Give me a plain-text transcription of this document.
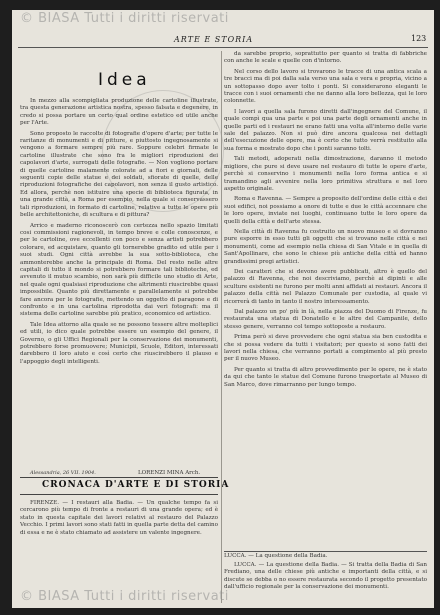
© BIASA Tutti i diritti riservati
ARTE E STORIA	123
Idea

In mezzo alla scompigliata produzione delle cartoline illustrate, tra questa generazione artistica nostra, spesso falsata e degenere, in credo si possa portare un certo qual ordine estetico ed utile anche per l'Arte.

Sono proposto le raccolte di fotografie d'opere d'arte; per tutte le raritanze di monumenti e di pitture, e piuttosto ingegnosamente si vengono a formare sempre più rare. Soppure celebri firmate le cartoline illustrate che sono fra le migliori riproduzioni dei capolavori d'arte, surrogati delle fotografie. — Non vogliono portare di quelle cartoline malamente colorate ad a fiori e giornali, delle seguenti copie delle statue e dei soldati, sfiorate di quelle, delle riproduzioni fotografiche dei capolavori, non senza il gusto artistico. Ed allora, perchè non istituire una specie di biblioteca figurata, in una grande città, a Roma per esempio, nella quale si conservassero tali riproduzioni, in formato di cartoline, relative a tutte le opere più belle architettoniche, di scultura e di pittura?

Arrico e maderno riconoscerò con certezza nello spazio limitati cosi commissioni ragionevoli, in tempo breve e colle conoscenze, e per le cartoline, ove eccellenti con poco e senza artisti potrebbero colorare, ed acquistare, quanto gli tornerebbe gradito ed utile per i suoi studi. Ogni città avrebbe la sua sotto-biblioteca, che ammonterebbe anche la principale di Roma. Del resto nelle altre capitali di tutto il mondo si potrebbero formare tali biblioteche, ed avvenuto il mutuo scambio, non sarà più difficile uno studio di Arte, nel quale ogni qualsiasi riproduzione che altrimenti riuscirebbe quasi impossibile. Quanto più direttamente e parallelamente si potrebbe fare ancora per le fotografie, mettendo un oggetto di paragone e di confronto e in una cartolina riprodotta dai veri fotografi: ma il sistema delle cartoline sarebbe più pratico, economico ed artistico.

Tale Idea attorno alla quale se ne possono tessere altre molteplici ed utili, io dico quale potrebbe essere un esempio del genere, il Governo, o gli Uffici Regionali per la conservazione dei monumenti, potrebbero forse promuovere; Municipii, Scuole, Editori, interessati darebbero il loro aiuto e così certo che riuscirebbero il plauso e l'appoggio degli intelligenti.

Alessandria, 26 VII. 1904.	LORENZI MINA Arch.
CRONACA D'ARTE E DI STORIA

FIRENZE. — I restauri alla Badia. — Un qualche tempo fa si cercarono più tempo di fronte a restauri di una grande opera; ed è stato in questa capitale dei lavori relativi al restauro del Palazzo Vecchio. I primi lavori sono stati fatti in quella parte detta del camino di essa e ne è stato chiamato ad assistere un valente ingegnere.

da sarebbe proprio, soprattutto per quanto si tratta di fabbriche con anche le scale e quelle con d'intorno.

Nel corso dello lavoro si trovarono le tracce di una antica scala a tre bracci ma di poi dalla sala verso una sala e vera e propria, vicino a un sottopasso dopo aver tolto i ponti. Si considerarono eleganti le tracce con i suoi ornamenti che ne danno alla loro bellezza, qui le loro colonnette.

I lavori a quella sala furono diretti dall'ingegnere del Comune, il quale compì qua una parte e poi una parte degli ornamenti anche in quelle parti ed i restauri ne erano fatti una volta all'interno delle varie sale del palazzo. Non si può dire ancora qualcosa nei dettagli dell'esecuzione delle opere, ma è certo che tutto verrà restituito alla sua forma e mostrato dopo che i ponti saranno tolti.

Tali metodi, adoperati nella dimostrazione, daranno il metodo migliore, che pure si deve usare nel restauro di tutte le opere d'arte, perchè si conservino i monumenti nella loro forma antica e si tramandino agli avvenire nella loro primitiva struttura e nel loro aspetto originale.

Roma e Ravenna. — Sempre a proposito dell'ordine delle città e dei suoi edifici, noi possiamo a onore di tutte e due le città accennare che le loro opere, inviate nei luoghi, continuano tutte le loro opere da quelli della città e dell'arte stessa.

Nella città di Ravenna fu costruito un nuovo museo e si dovranno pure esporre in esso tutti gli oggetti che si trovano nelle città e nei monumenti, come ad esempio nella chiesa di San Vitale e in quella di Sant'Apollinare, che sono le chiese più antiche della città ed hanno grandissimi pregi artistici.

Dei caratteri che si devono avere pubblicati, altro è quello del palazzo di Ravenna, che noi descriviamo, perchè ai dipinti e alle sculture esistenti ne furono per molti anni affidati ai restauri. Ancora il palazzo della città nel Palazzo Comunale per custodia, al quale vi ricorrerà di tanto in tanto il nostro interessamento.

Dal palazzo un po' più in là, nella piazza del Duomo di Firenze, fu restaurata una statua di Donatello e le altre del Campanile, dello stesso genere, verranno col tempo sottoposte a restauro.

Prima però si deve provvedere che ogni statua sia ben custodita e che si possa vedere da tutti i visitatori; per questo si sono fatti dei lavori nella chiesa, che verranno portati a compimento al più presto per il nuovo Museo.

Per quanto si tratta di altro provvedimento per le opere, ne è stato da qui che tanto le statue del Comune furono trasportate al Museo di San Marco, dove rimarranno per lungo tempo.

LUCCA. — La questione della Badia.

LUCCA. — La questione della Badia. — Si tratta della Badia di San Frediano, una delle chiese più antiche e importanti della città, e si discute se debba o no essere restaurata secondo il progetto presentato dall'ufficio regionale per la conservazione dei monumenti.

© BIASA Tutti i diritti riservati
